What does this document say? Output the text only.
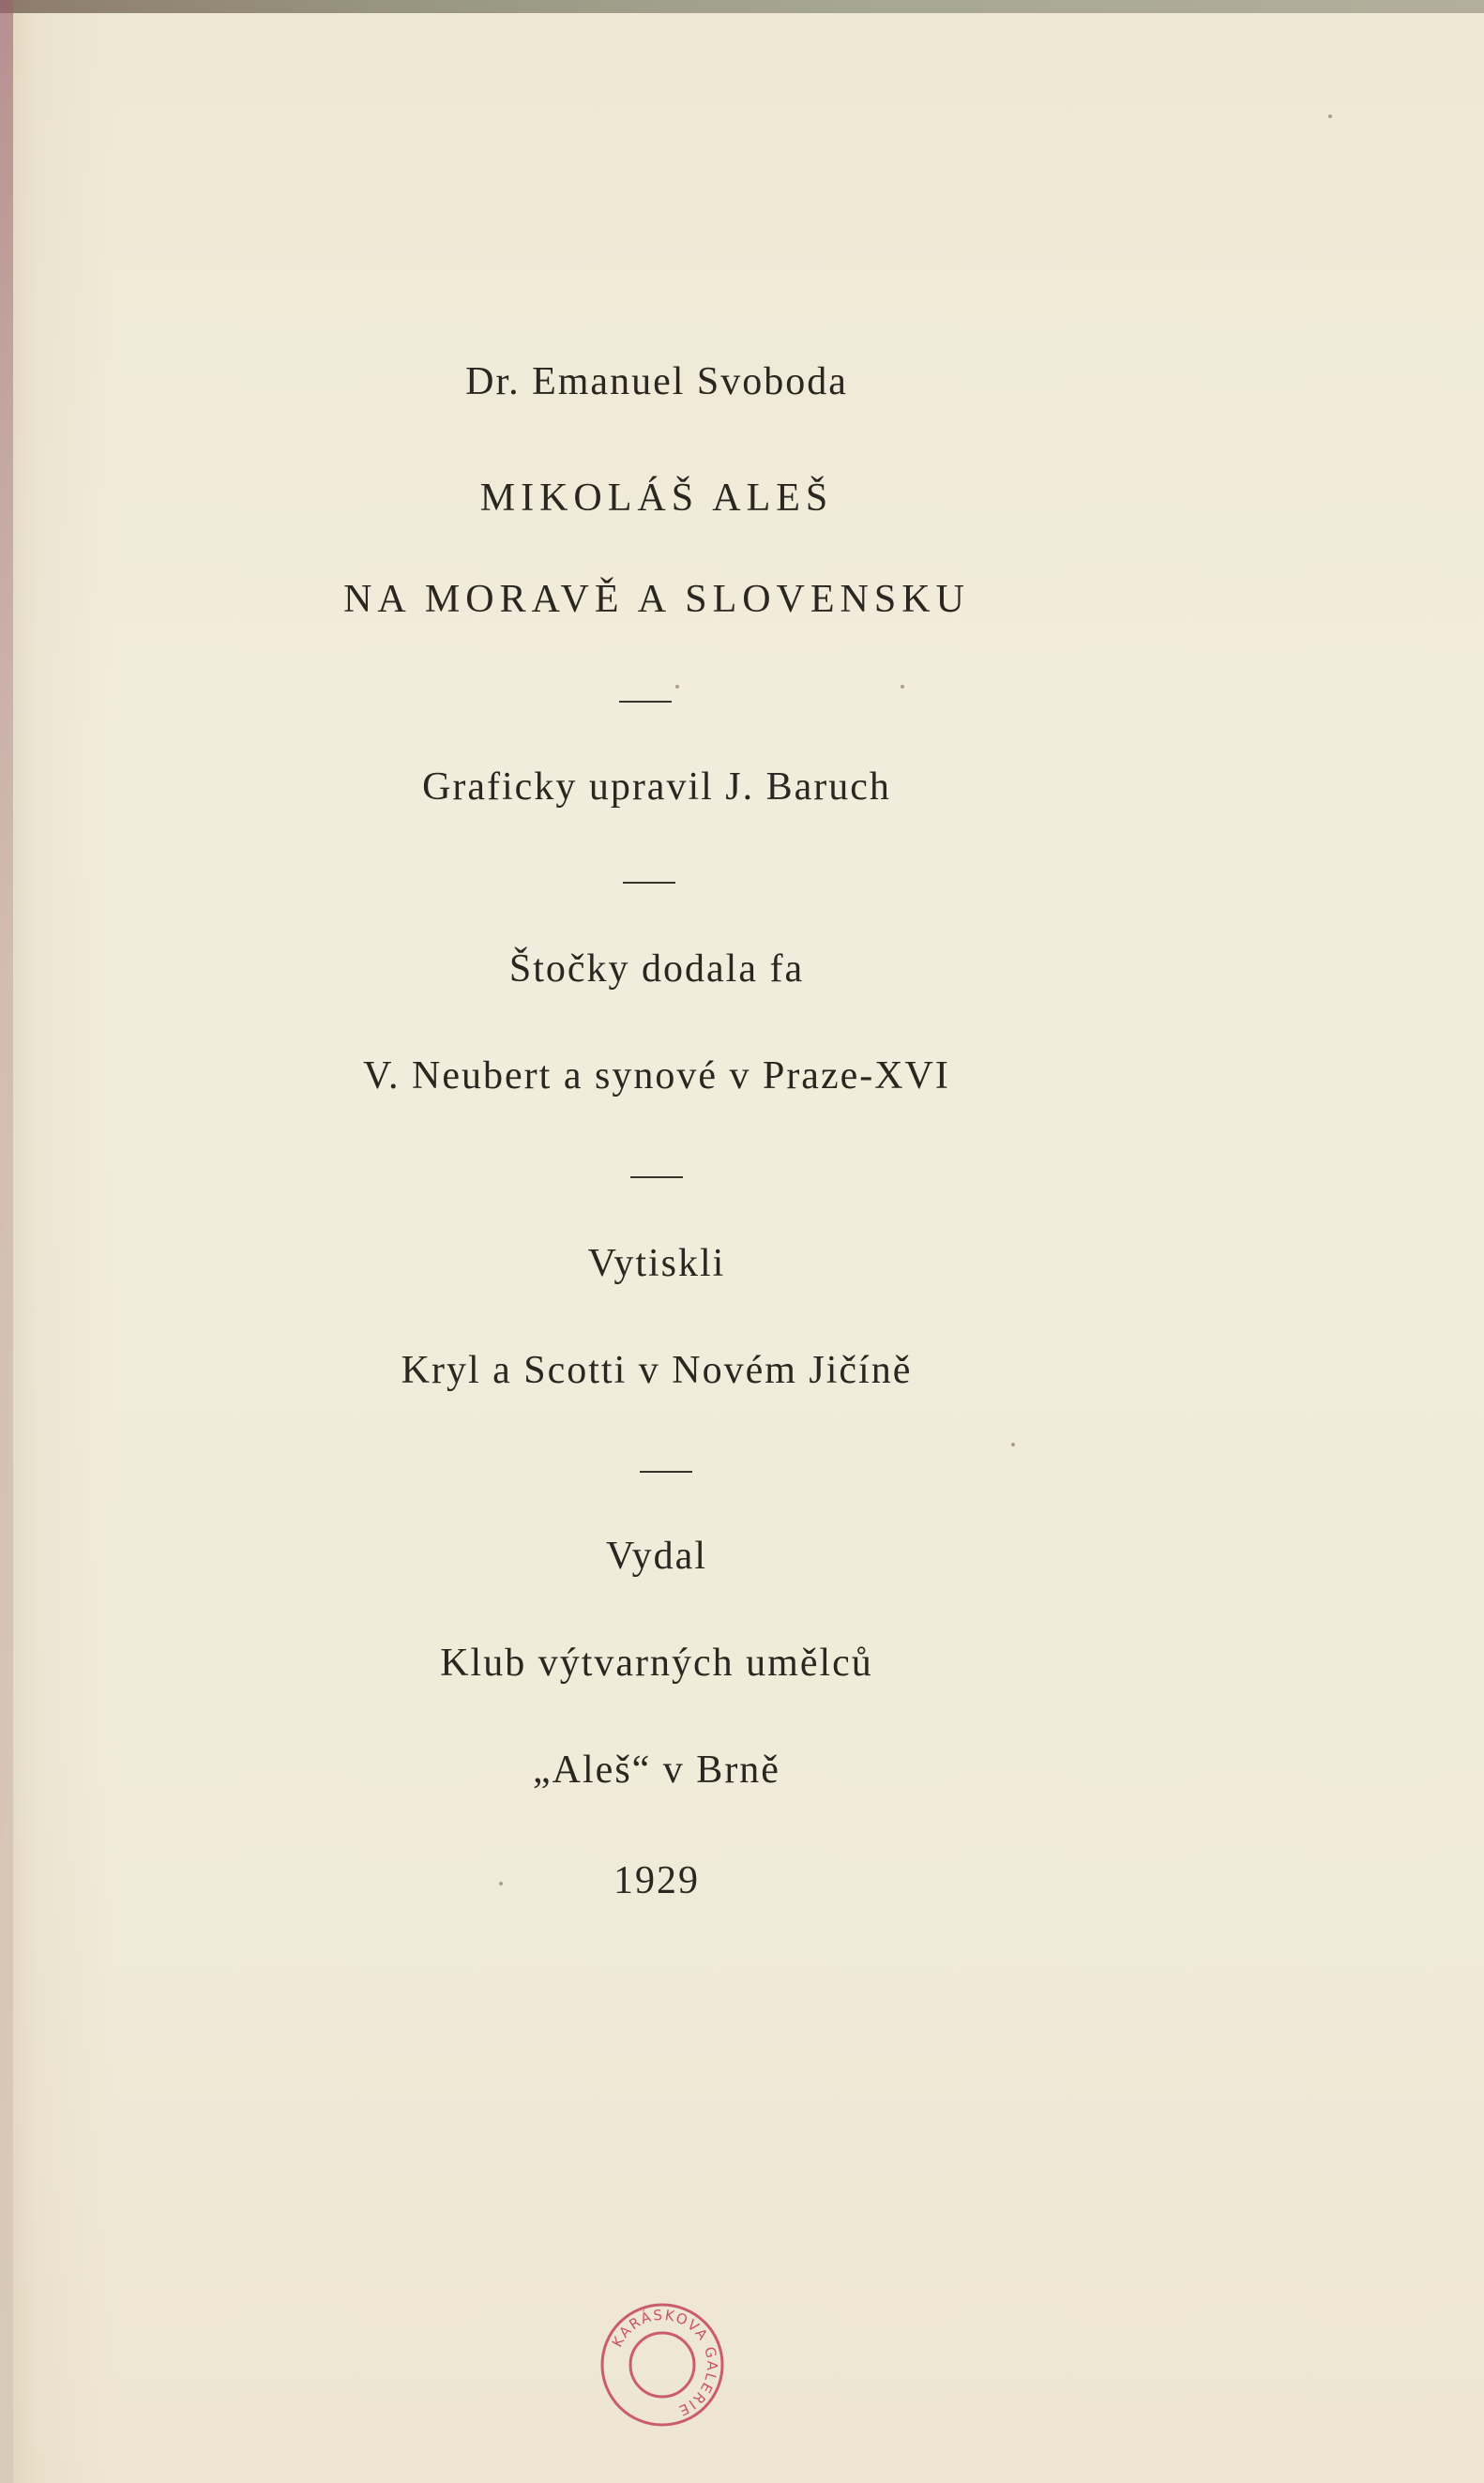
Dr. Emanuel Svoboda
MIKOLÁŠ ALEŠ
NA MORAVĚ A SLOVENSKU
Graficky upravil J. Baruch
Štočky dodala fa
V. Neubert a synové v Praze-XVI
Vytiskli
Kryl a Scotti v Novém Jičíně
Vydal
Klub výtvarných umělců
„Aleš“ v Brně
1929
KARÁSKOVA GALERIE
